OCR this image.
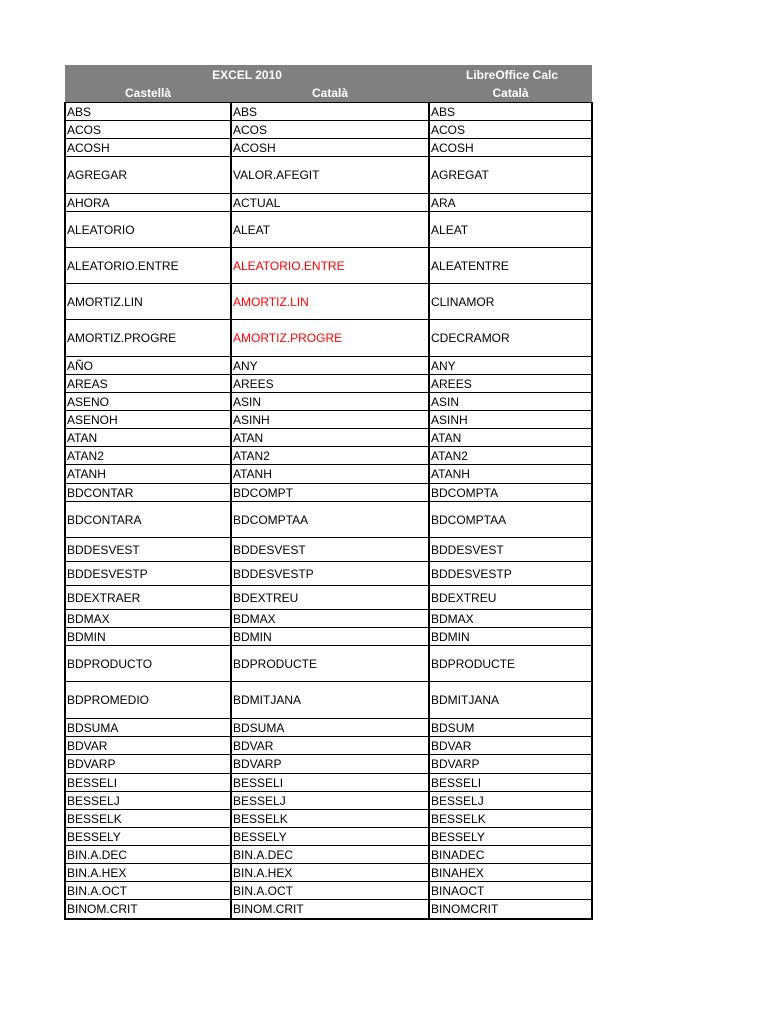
EXCEL 2010		LibreOffice Calc
Castellà	Català	Català
ABS	ABS	ABS
ACOS	ACOS	ACOS
ACOSH	ACOSH	ACOSH
AGREGAR	VALOR.AFEGIT	AGREGAT
AHORA	ACTUAL	ARA
ALEATORIO	ALEAT	ALEAT
ALEATORIO.ENTRE	ALEATORIO.ENTRE	ALEATENTRE
AMORTIZ.LIN	AMORTIZ.LIN	CLINAMOR
AMORTIZ.PROGRE	AMORTIZ.PROGRE	CDECRAMOR
AÑO	ANY	ANY
AREAS	AREES	AREES
ASENO	ASIN	ASIN
ASENOH	ASINH	ASINH
ATAN	ATAN	ATAN
ATAN2	ATAN2	ATAN2
ATANH	ATANH	ATANH
BDCONTAR	BDCOMPT	BDCOMPTA
BDCONTARA	BDCOMPTAA	BDCOMPTAA
BDDESVEST	BDDESVEST	BDDESVEST
BDDESVESTP	BDDESVESTP	BDDESVESTP
BDEXTRAER	BDEXTREU	BDEXTREU
BDMAX	BDMAX	BDMAX
BDMIN	BDMIN	BDMIN
BDPRODUCTO	BDPRODUCTE	BDPRODUCTE
BDPROMEDIO	BDMITJANA	BDMITJANA
BDSUMA	BDSUMA	BDSUM
BDVAR	BDVAR	BDVAR
BDVARP	BDVARP	BDVARP
BESSELI	BESSELI	BESSELI
BESSELJ	BESSELJ	BESSELJ
BESSELK	BESSELK	BESSELK
BESSELY	BESSELY	BESSELY
BIN.A.DEC	BIN.A.DEC	BINADEC
BIN.A.HEX	BIN.A.HEX	BINAHEX
BIN.A.OCT	BIN.A.OCT	BINAOCT
BINOM.CRIT	BINOM.CRIT	BINOMCRIT
